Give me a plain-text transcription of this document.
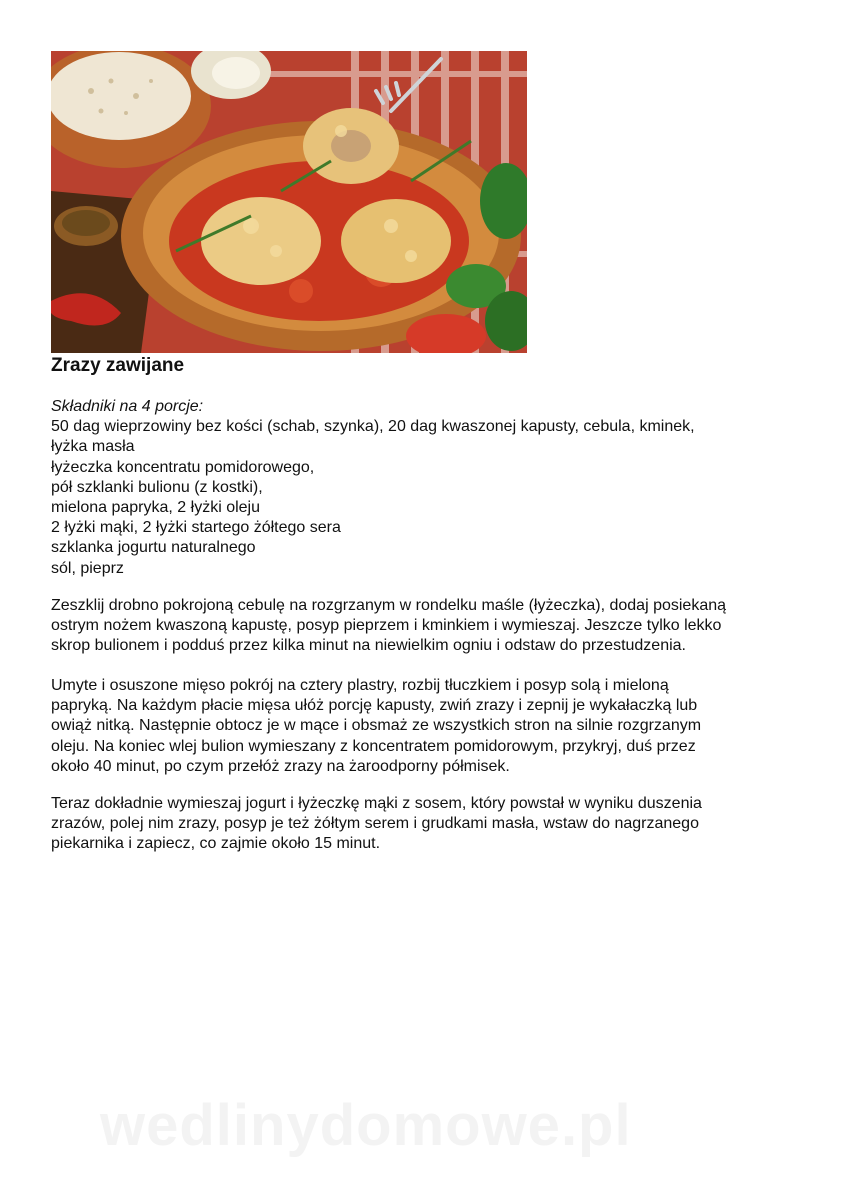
Zrazy zawijane
Składniki na 4 porcje:
50 dag wieprzowiny bez kości (schab, szynka), 20 dag kwaszonej kapusty, cebula, kminek,
łyżka masła
łyżeczka koncentratu pomidorowego,
pół szklanki bulionu (z kostki),
mielona papryka, 2 łyżki oleju
2 łyżki mąki, 2 łyżki startego żółtego sera
szklanka jogurtu naturalnego
sól, pieprz
Zeszklij drobno pokrojoną cebulę na rozgrzanym w rondelku maśle (łyżeczka), dodaj posiekaną
ostrym nożem kwaszoną kapustę, posyp pieprzem i kminkiem i wymieszaj. Jeszcze tylko lekko
skrop bulionem i podduś przez kilka minut na niewielkim ogniu i odstaw do przestudzenia.
Umyte i osuszone mięso pokrój na cztery plastry, rozbij tłuczkiem i posyp solą i mieloną
papryką. Na każdym płacie mięsa ułóż porcję kapusty, zwiń zrazy i zepnij je wykałaczką lub
owiąż nitką. Następnie obtocz je w mące i obsmaż ze wszystkich stron na silnie rozgrzanym
oleju. Na koniec wlej bulion wymieszany z koncentratem pomidorowym, przykryj, duś przez
około 40 minut, po czym przełóż zrazy na żaroodporny półmisek.
Teraz dokładnie wymieszaj jogurt i łyżeczkę mąki z sosem, który powstał w wyniku duszenia
zrazów, polej nim zrazy, posyp je też żółtym serem i grudkami masła, wstaw do nagrzanego
piekarnika i zapiecz, co zajmie około 15 minut.
wedlinydomowe.pl
